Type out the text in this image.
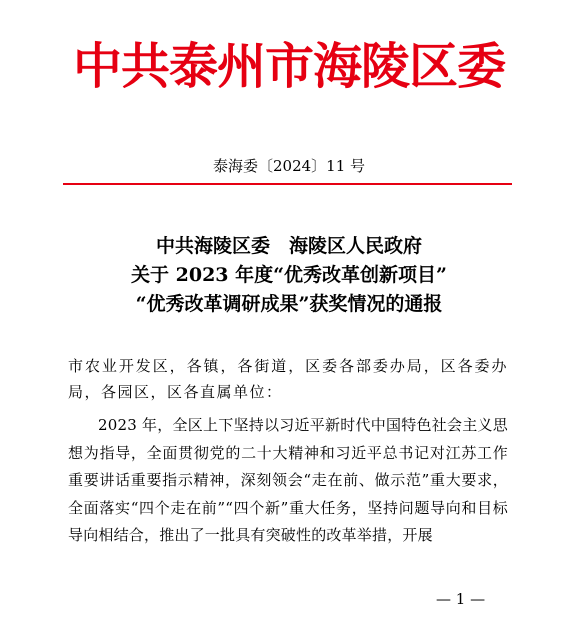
中共泰州市海陵区委
泰海委〔2024〕11 号
中共海陵区委　海陵区人民政府
关于 2023 年度“优秀改革创新项目”
“优秀改革调研成果”获奖情况的通报
市农业开发区，各镇，各街道，区委各部委办局，区各委办局，各园区，区各直属单位：
2023 年，全区上下坚持以习近平新时代中国特色社会主义思想为指导，全面贯彻党的二十大精神和习近平总书记对江苏工作重要讲话重要指示精神，深刻领会“走在前、做示范”重大要求，全面落实“四个走在前”“四个新”重大任务，坚持问题导向和目标导向相结合，推出了一批具有突破性的改革举措，开展
— 1 —
